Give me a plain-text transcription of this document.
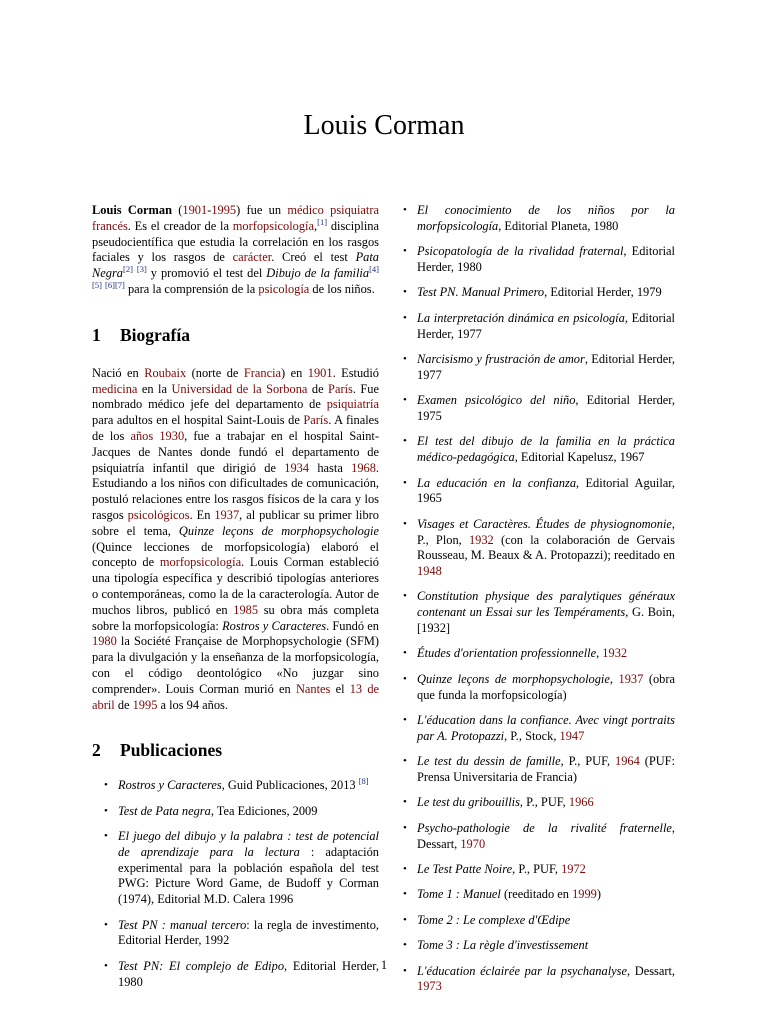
Louis Corman

Louis Corman (1901-1995) fue un médico psiquiatra francés. Es el creador de la morfopsicología,[1] disciplina pseudocientífica que estudia la correlación en los rasgos faciales y los rasgos de carácter. Creó el test Pata Negra[2] [3] y promovió el test del Dibujo de la familia[4] [5] [6][7] para la comprensión de la psicología de los niños.

1 Biografía

Nació en Roubaix (norte de Francia) en 1901. Estudió medicina en la Universidad de la Sorbona de París. Fue nombrado médico jefe del departamento de psiquiatría para adultos en el hospital Saint-Louis de París. A finales de los años 1930, fue a trabajar en el hospital Saint-Jacques de Nantes donde fundó el departamento de psiquiatría infantil que dirigió de 1934 hasta 1968. Estudiando a los niños con dificultades de comunicación, postuló relaciones entre los rasgos físicos de la cara y los rasgos psicológicos. En 1937, al publicar su primer libro sobre el tema, Quinze leçons de morphopsychologie (Quince lecciones de morfopsicología) elaboró el concepto de morfopsicología. Louis Corman estableció una tipología específica y describió tipologías anteriores o contemporáneas, como la de la caracterología. Autor de muchos libros, publicó en 1985 su obra más completa sobre la morfopsicología: Rostros y Caracteres. Fundó en 1980 la Société Française de Morphopsychologie (SFM) para la divulgación y la enseñanza de la morfopsicología, con el código deontológico «No juzgar sino comprender». Louis Corman murió en Nantes el 13 de abril de 1995 a los 94 años.

2 Publicaciones
• Rostros y Caracteres, Guid Publicaciones, 2013 [8]
• Test de Pata negra, Tea Ediciones, 2009
• El juego del dibujo y la palabra : test de potencial de aprendizaje para la lectura : adaptación experimental para la población española del test PWG: Picture Word Game, de Budoff y Corman (1974), Editorial M.D. Calera 1996
• Test PN : manual tercero: la regla de investimento, Editorial Herder, 1992
• Test PN: El complejo de Edipo, Editorial Herder, 1980
• El conocimiento de los niños por la morfopsicología, Editorial Planeta, 1980
• Psicopatología de la rivalidad fraternal, Editorial Herder, 1980
• Test PN. Manual Primero, Editorial Herder, 1979
• La interpretación dinámica en psicología, Editorial Herder, 1977
• Narcisismo y frustración de amor, Editorial Herder, 1977
• Examen psicológico del niño, Editorial Herder, 1975
• El test del dibujo de la familia en la práctica médico-pedagógica, Editorial Kapelusz, 1967
• La educación en la confianza, Editorial Aguilar, 1965
• Visages et Caractères. Études de physiognomonie, P., Plon, 1932 (con la colaboración de Gervais Rousseau, M. Beaux & A. Protopazzi); reeditado en 1948
• Constitution physique des paralytiques généraux contenant un Essai sur les Tempéraments, G. Boin, [1932]
• Études d'orientation professionnelle, 1932
• Quinze leçons de morphopsychologie, 1937 (obra que funda la morfopsicología)
• L'éducation dans la confiance. Avec vingt portraits par A. Protopazzi, P., Stock, 1947
• Le test du dessin de famille, P., PUF, 1964 (PUF: Prensa Universitaria de Francia)
• Le test du gribouillis, P., PUF, 1966
• Psycho-pathologie de la rivalité fraternelle, Dessart, 1970
• Le Test Patte Noire, P., PUF, 1972
• Tome 1 : Manuel (reeditado en 1999)
• Tome 2 : Le complexe d'Œdipe
• Tome 3 : La règle d'investissement
• L'éducation éclairée par la psychanalyse, Dessart, 1973
1
